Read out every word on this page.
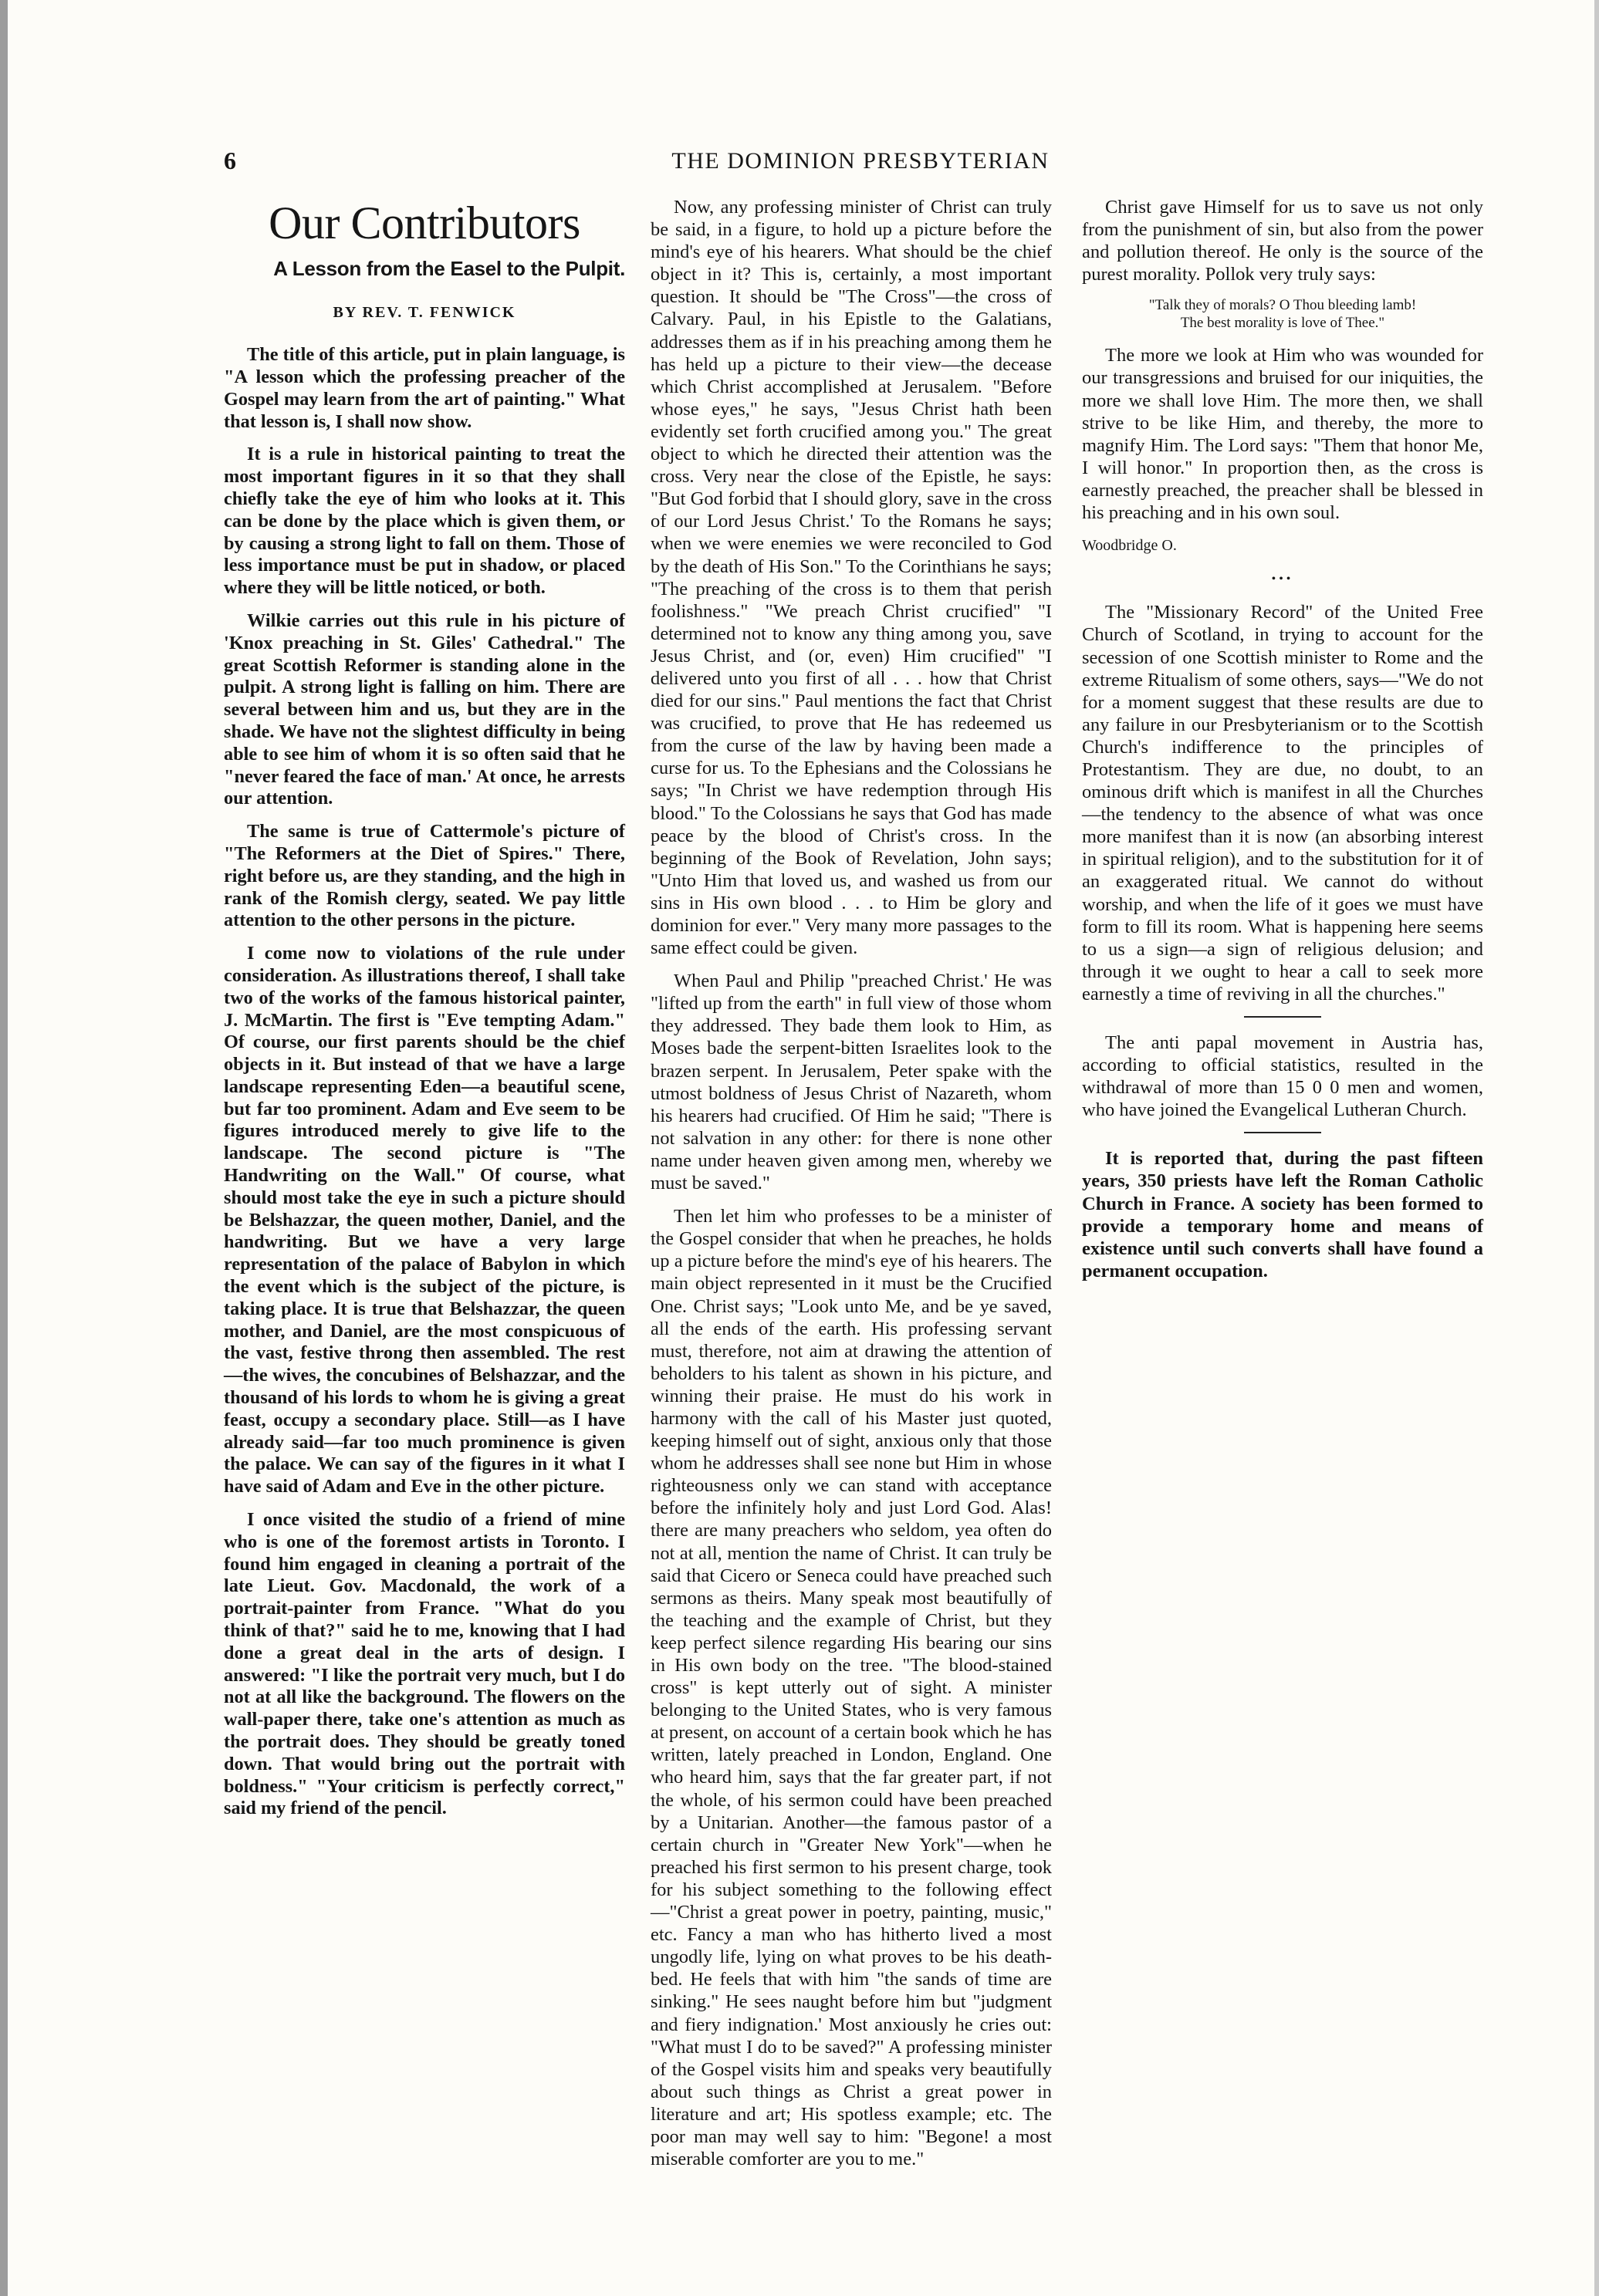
6	THE DOMINION PRESBYTERIAN
Our Contributors
A Lesson from the Easel to the Pulpit.
BY REV. T. FENWICK

The title of this article, put in plain language, is "A lesson which the professing preacher of the Gospel may learn from the art of painting." What that lesson is, I shall now show.

It is a rule in historical painting to treat the most important figures in it so that they shall chiefly take the eye of him who looks at it. This can be done by the place which is given them, or by causing a strong light to fall on them. Those of less importance must be put in shadow, or placed where they will be little noticed, or both.

Wilkie carries out this rule in his picture of 'Knox preaching in St. Giles' Cathedral." The great Scottish Reformer is standing alone in the pulpit. A strong light is falling on him. There are several between him and us, but they are in the shade. We have not the slightest difficulty in being able to see him of whom it is so often said that he "never feared the face of man.' At once, he arrests our attention.

The same is true of Cattermole's picture of "The Reformers at the Diet of Spires." There, right before us, are they standing, and the high in rank of the Romish clergy, seated. We pay little attention to the other persons in the picture.

I come now to violations of the rule under consideration. As illustrations thereof, I shall take two of the works of the famous historical painter, J. McMartin. The first is "Eve tempting Adam." Of course, our first parents should be the chief objects in it. But instead of that we have a large landscape representing Eden—a beautiful scene, but far too prominent. Adam and Eve seem to be figures introduced merely to give life to the landscape. The second picture is "The Handwriting on the Wall." Of course, what should most take the eye in such a picture should be Belshazzar, the queen mother, Daniel, and the handwriting. But we have a very large representation of the palace of Babylon in which the event which is the subject of the picture, is taking place. It is true that Belshazzar, the queen mother, and Daniel, are the most conspicuous of the vast, festive throng then assembled. The rest—the wives, the concubines of Belshazzar, and the thousand of his lords to whom he is giving a great feast, occupy a secondary place. Still—as I have already said—far too much prominence is given the palace. We can say of the figures in it what I have said of Adam and Eve in the other picture.

I once visited the studio of a friend of mine who is one of the foremost artists in Toronto. I found him engaged in cleaning a portrait of the late Lieut. Gov. Macdonald, the work of a portrait-painter from France. "What do you think of that?" said he to me, knowing that I had done a great deal in the arts of design. I answered: "I like the portrait very much, but I do not at all like the background. The flowers on the wall-paper there, take one's attention as much as the portrait does. They should be greatly toned down. That would bring out the portrait with boldness." "Your criticism is perfectly correct," said my friend of the pencil.

Now, any professing minister of Christ can truly be said, in a figure, to hold up a picture before the mind's eye of his hearers. What should be the chief object in it? This is, certainly, a most important question. It should be "The Cross"—the cross of Calvary. Paul, in his Epistle to the Galatians, addresses them as if in his preaching among them he has held up a picture to their view—the decease which Christ accomplished at Jerusalem. "Before whose eyes," he says, "Jesus Christ hath been evidently set forth crucified among you." The great object to which he directed their attention was the cross. Very near the close of the Epistle, he says: "But God forbid that I should glory, save in the cross of our Lord Jesus Christ.' To the Romans he says; when we were enemies we were reconciled to God by the death of His Son." To the Corinthians he says; "The preaching of the cross is to them that perish foolishness." "We preach Christ crucified" "I determined not to know any thing among you, save Jesus Christ, and (or, even) Him crucified" "I delivered unto you first of all . . . how that Christ died for our sins." Paul mentions the fact that Christ was crucified, to prove that He has redeemed us from the curse of the law by having been made a curse for us. To the Ephesians and the Colossians he says; "In Christ we have redemption through His blood." To the Colossians he says that God has made peace by the blood of Christ's cross. In the beginning of the Book of Revelation, John says; "Unto Him that loved us, and washed us from our sins in His own blood . . . to Him be glory and dominion for ever." Very many more passages to the same effect could be given.

When Paul and Philip "preached Christ.' He was "lifted up from the earth" in full view of those whom they addressed. They bade them look to Him, as Moses bade the serpent-bitten Israelites look to the brazen serpent. In Jerusalem, Peter spake with the utmost boldness of Jesus Christ of Nazareth, whom his hearers had crucified. Of Him he said; "There is not salvation in any other: for there is none other name under heaven given among men, whereby we must be saved."

Then let him who professes to be a minister of the Gospel consider that when he preaches, he holds up a picture before the mind's eye of his hearers. The main object represented in it must be the Crucified One. Christ says; "Look unto Me, and be ye saved, all the ends of the earth. His professing servant must, therefore, not aim at drawing the attention of beholders to his talent as shown in his picture, and winning their praise. He must do his work in harmony with the call of his Master just quoted, keeping himself out of sight, anxious only that those whom he addresses shall see none but Him in whose righteousness only we can stand with acceptance before the infinitely holy and just Lord God. Alas! there are many preachers who seldom, yea often do not at all, mention the name of Christ. It can truly be said that Cicero or Seneca could have preached such sermons as theirs. Many speak most beautifully of the teaching and the example of Christ, but they keep perfect silence regarding His bearing our sins in His own body on the tree. "The blood-stained cross" is kept utterly out of sight. A minister belonging to the United States, who is very famous at present, on account of a certain book which he has written, lately preached in London, England. One who heard him, says that the far greater part, if not the whole, of his sermon could have been preached by a Unitarian. Another—the famous pastor of a certain church in "Greater New York"—when he preached his first sermon to his present charge, took for his subject something to the following effect—"Christ a great power in poetry, painting, music," etc. Fancy a man who has hitherto lived a most ungodly life, lying on what proves to be his death-bed. He feels that with him "the sands of time are sinking." He sees naught before him but "judgment and fiery indignation.' Most anxiously he cries out: "What must I do to be saved?" A professing minister of the Gospel visits him and speaks very beautifully about such things as Christ a great power in literature and art; His spotless example; etc. The poor man may well say to him: "Begone! a most miserable comforter are you to me."

Christ gave Himself for us to save us not only from the punishment of sin, but also from the power and pollution thereof. He only is the source of the purest morality. Pollok very truly says:

"Talk they of morals? O Thou bleeding lamb!
The best morality is love of Thee."

The more we look at Him who was wounded for our transgressions and bruised for our iniquities, the more we shall love Him. The more then, we shall strive to be like Him, and thereby, the more to magnify Him. The Lord says: "Them that honor Me, I will honor." In proportion then, as the cross is earnestly preached, the preacher shall be blessed in his preaching and in his own soul.

Woodbridge O.

•••

The "Missionary Record" of the United Free Church of Scotland, in trying to account for the secession of one Scottish minister to Rome and the extreme Ritualism of some others, says—"We do not for a moment suggest that these results are due to any failure in our Presbyterianism or to the Scottish Church's indifference to the principles of Protestantism. They are due, no doubt, to an ominous drift which is manifest in all the Churches—the tendency to the absence of what was once more manifest than it is now (an absorbing interest in spiritual religion), and to the substitution for it of an exaggerated ritual. We cannot do without worship, and when the life of it goes we must have form to fill its room. What is happening here seems to us a sign—a sign of religious delusion; and through it we ought to hear a call to seek more earnestly a time of reviving in all the churches."

The anti papal movement in Austria has, according to official statistics, resulted in the withdrawal of more than 15 0 0 men and women, who have joined the Evangelical Lutheran Church.

It is reported that, during the past fifteen years, 350 priests have left the Roman Catholic Church in France. A society has been formed to provide a temporary home and means of existence until such converts shall have found a permanent occupation.
